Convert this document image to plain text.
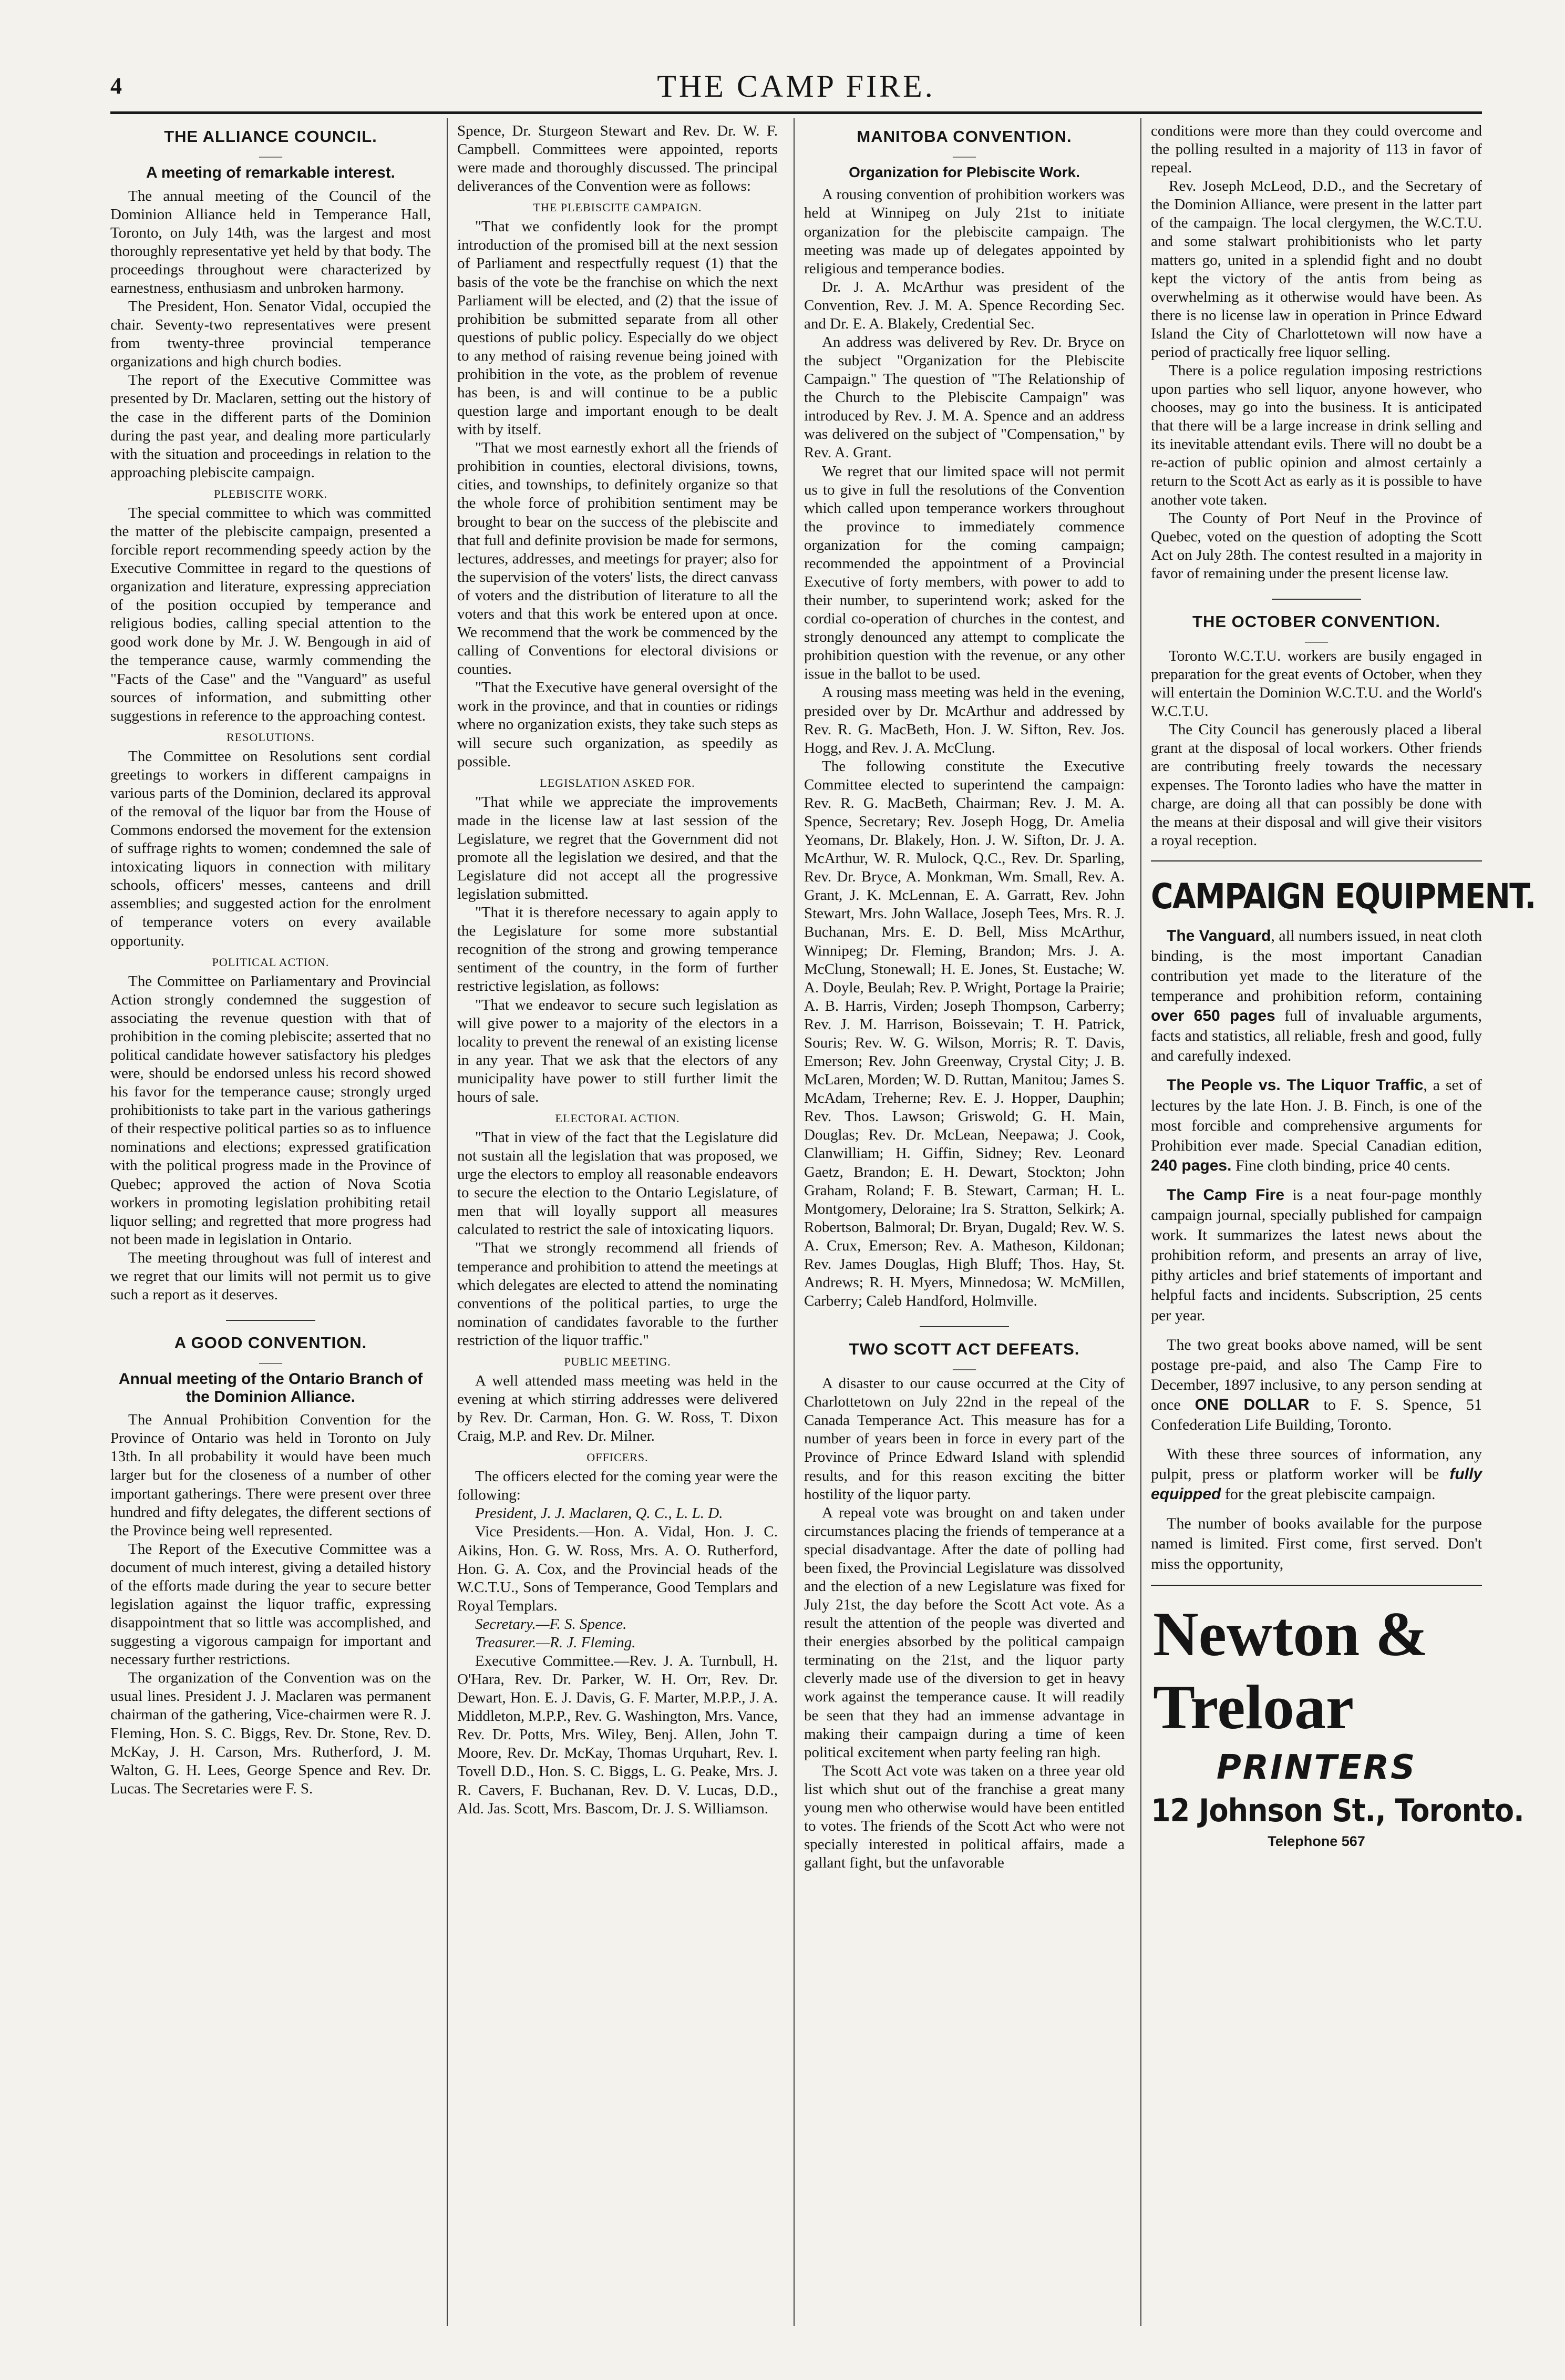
4	THE CAMP FIRE.
THE ALLIANCE COUNCIL.
——
A meeting of remarkable interest.

The annual meeting of the Council of the Dominion Alliance held in Temperance Hall, Toronto, on July 14th, was the largest and most thoroughly representative yet held by that body. The proceedings throughout were characterized by earnestness, enthusiasm and unbroken harmony.

The President, Hon. Senator Vidal, occupied the chair. Seventy-two representatives were present from twenty-three provincial temperance organizations and high church bodies.

The report of the Executive Committee was presented by Dr. Maclaren, setting out the history of the case in the different parts of the Dominion during the past year, and dealing more particularly with the situation and proceedings in relation to the approaching plebiscite campaign.

PLEBISCITE WORK.

The special committee to which was committed the matter of the plebiscite campaign, presented a forcible report recommending speedy action by the Executive Committee in regard to the questions of organization and literature, expressing appreciation of the position occupied by temperance and religious bodies, calling special attention to the good work done by Mr. J. W. Bengough in aid of the temperance cause, warmly commending the "Facts of the Case" and the "Vanguard" as useful sources of information, and submitting other suggestions in reference to the approaching contest.

RESOLUTIONS.

The Committee on Resolutions sent cordial greetings to workers in different campaigns in various parts of the Dominion, declared its approval of the removal of the liquor bar from the House of Commons endorsed the movement for the extension of suffrage rights to women; condemned the sale of intoxicating liquors in connection with military schools, officers' messes, canteens and drill assemblies; and suggested action for the enrolment of temperance voters on every available opportunity.

POLITICAL ACTION.

The Committee on Parliamentary and Provincial Action strongly condemned the suggestion of associating the revenue question with that of prohibition in the coming plebiscite; asserted that no political candidate however satisfactory his pledges were, should be endorsed unless his record showed his favor for the temperance cause; strongly urged prohibitionists to take part in the various gatherings of their respective political parties so as to influence nominations and elections; expressed gratification with the political progress made in the Province of Quebec; approved the action of Nova Scotia workers in promoting legislation prohibiting retail liquor selling; and regretted that more progress had not been made in legislation in Ontario.

The meeting throughout was full of interest and we regret that our limits will not permit us to give such a report as it deserves.

A GOOD CONVENTION.
——
Annual meeting of the Ontario Branch of the Dominion Alliance.

The Annual Prohibition Convention for the Province of Ontario was held in Toronto on July 13th. In all probability it would have been much larger but for the closeness of a number of other important gatherings. There were present over three hundred and fifty delegates, the different sections of the Province being well represented.

The Report of the Executive Committee was a document of much interest, giving a detailed history of the efforts made during the year to secure better legislation against the liquor traffic, expressing disappointment that so little was accomplished, and suggesting a vigorous campaign for important and necessary further restrictions.

The organization of the Convention was on the usual lines. President J. J. Maclaren was permanent chairman of the gathering, Vice-chairmen were R. J. Fleming, Hon. S. C. Biggs, Rev. Dr. Stone, Rev. D. McKay, J. H. Carson, Mrs. Rutherford, J. M. Walton, G. H. Lees, George Spence and Rev. Dr. Lucas. The Secretaries were F. S.

Spence, Dr. Sturgeon Stewart and Rev. Dr. W. F. Campbell. Committees were appointed, reports were made and thoroughly discussed. The principal deliverances of the Convention were as follows:

THE PLEBISCITE CAMPAIGN.

"That we confidently look for the prompt introduction of the promised bill at the next session of Parliament and respectfully request (1) that the basis of the vote be the franchise on which the next Parliament will be elected, and (2) that the issue of prohibition be submitted separate from all other questions of public policy. Especially do we object to any method of raising revenue being joined with prohibition in the vote, as the problem of revenue has been, is and will continue to be a public question large and important enough to be dealt with by itself.

"That we most earnestly exhort all the friends of prohibition in counties, electoral divisions, towns, cities, and townships, to definitely organize so that the whole force of prohibition sentiment may be brought to bear on the success of the plebiscite and that full and definite provision be made for sermons, lectures, addresses, and meetings for prayer; also for the supervision of the voters' lists, the direct canvass of voters and the distribution of literature to all the voters and that this work be entered upon at once. We recommend that the work be commenced by the calling of Conventions for electoral divisions or counties.

"That the Executive have general oversight of the work in the province, and that in counties or ridings where no organization exists, they take such steps as will secure such organization, as speedily as possible.

LEGISLATION ASKED FOR.

"That while we appreciate the improvements made in the license law at last session of the Legislature, we regret that the Government did not promote all the legislation we desired, and that the Legislature did not accept all the progressive legislation submitted.

"That it is therefore necessary to again apply to the Legislature for some more substantial recognition of the strong and growing temperance sentiment of the country, in the form of further restrictive legislation, as follows:

"That we endeavor to secure such legislation as will give power to a majority of the electors in a locality to prevent the renewal of an existing license in any year. That we ask that the electors of any municipality have power to still further limit the hours of sale.

ELECTORAL ACTION.

"That in view of the fact that the Legislature did not sustain all the legislation that was proposed, we urge the electors to employ all reasonable endeavors to secure the election to the Ontario Legislature, of men that will loyally support all measures calculated to restrict the sale of intoxicating liquors.

"That we strongly recommend all friends of temperance and prohibition to attend the meetings at which delegates are elected to attend the nominating conventions of the political parties, to urge the nomination of candidates favorable to the further restriction of the liquor traffic."

PUBLIC MEETING.

A well attended mass meeting was held in the evening at which stirring addresses were delivered by Rev. Dr. Carman, Hon. G. W. Ross, T. Dixon Craig, M.P. and Rev. Dr. Milner.

OFFICERS.

The officers elected for the coming year were the following:

President, J. J. Maclaren, Q. C., L. L. D.

Vice Presidents.—Hon. A. Vidal, Hon. J. C. Aikins, Hon. G. W. Ross, Mrs. A. O. Rutherford, Hon. G. A. Cox, and the Provincial heads of the W.C.T.U., Sons of Temperance, Good Templars and Royal Templars.

Secretary.—F. S. Spence.

Treasurer.—R. J. Fleming.

Executive Committee.—Rev. J. A. Turnbull, H. O'Hara, Rev. Dr. Parker, W. H. Orr, Rev. Dr. Dewart, Hon. E. J. Davis, G. F. Marter, M.P.P., J. A. Middleton, M.P.P., Rev. G. Washington, Mrs. Vance, Rev. Dr. Potts, Mrs. Wiley, Benj. Allen, John T. Moore, Rev. Dr. McKay, Thomas Urquhart, Rev. I. Tovell D.D., Hon. S. C. Biggs, L. G. Peake, Mrs. J. R. Cavers, F. Buchanan, Rev. D. V. Lucas, D.D., Ald. Jas. Scott, Mrs. Bascom, Dr. J. S. Williamson.

MANITOBA CONVENTION.
——
Organization for Plebiscite Work.

A rousing convention of prohibition workers was held at Winnipeg on July 21st to initiate organization for the plebiscite campaign. The meeting was made up of delegates appointed by religious and temperance bodies.

Dr. J. A. McArthur was president of the Convention, Rev. J. M. A. Spence Recording Sec. and Dr. E. A. Blakely, Credential Sec.

An address was delivered by Rev. Dr. Bryce on the subject "Organization for the Plebiscite Campaign." The question of "The Relationship of the Church to the Plebiscite Campaign" was introduced by Rev. J. M. A. Spence and an address was delivered on the subject of "Compensation," by Rev. A. Grant.

We regret that our limited space will not permit us to give in full the resolutions of the Convention which called upon temperance workers throughout the province to immediately commence organization for the coming campaign; recommended the appointment of a Provincial Executive of forty members, with power to add to their number, to superintend work; asked for the cordial co-operation of churches in the contest, and strongly denounced any attempt to complicate the prohibition question with the revenue, or any other issue in the ballot to be used.

A rousing mass meeting was held in the evening, presided over by Dr. McArthur and addressed by Rev. R. G. MacBeth, Hon. J. W. Sifton, Rev. Jos. Hogg, and Rev. J. A. McClung.

The following constitute the Executive Committee elected to superintend the campaign: Rev. R. G. MacBeth, Chairman; Rev. J. M. A. Spence, Secretary; Rev. Joseph Hogg, Dr. Amelia Yeomans, Dr. Blakely, Hon. J. W. Sifton, Dr. J. A. McArthur, W. R. Mulock, Q.C., Rev. Dr. Sparling, Rev. Dr. Bryce, A. Monkman, Wm. Small, Rev. A. Grant, J. K. McLennan, E. A. Garratt, Rev. John Stewart, Mrs. John Wallace, Joseph Tees, Mrs. R. J. Buchanan, Mrs. E. D. Bell, Miss McArthur, Winnipeg; Dr. Fleming, Brandon; Mrs. J. A. McClung, Stonewall; H. E. Jones, St. Eustache; W. A. Doyle, Beulah; Rev. P. Wright, Portage la Prairie; A. B. Harris, Virden; Joseph Thompson, Carberry; Rev. J. M. Harrison, Boissevain; T. H. Patrick, Souris; Rev. W. G. Wilson, Morris; R. T. Davis, Emerson; Rev. John Greenway, Crystal City; J. B. McLaren, Morden; W. D. Ruttan, Manitou; James S. McAdam, Treherne; Rev. E. J. Hopper, Dauphin; Rev. Thos. Lawson; Griswold; G. H. Main, Douglas; Rev. Dr. McLean, Neepawa; J. Cook, Clanwilliam; H. Giffin, Sidney; Rev. Leonard Gaetz, Brandon; E. H. Dewart, Stockton; John Graham, Roland; F. B. Stewart, Carman; H. L. Montgomery, Deloraine; Ira S. Stratton, Selkirk; A. Robertson, Balmoral; Dr. Bryan, Dugald; Rev. W. S. A. Crux, Emerson; Rev. A. Matheson, Kildonan; Rev. James Douglas, High Bluff; Thos. Hay, St. Andrews; R. H. Myers, Minnedosa; W. McMillen, Carberry; Caleb Handford, Holmville.

TWO SCOTT ACT DEFEATS.
——

A disaster to our cause occurred at the City of Charlottetown on July 22nd in the repeal of the Canada Temperance Act. This measure has for a number of years been in force in every part of the Province of Prince Edward Island with splendid results, and for this reason exciting the bitter hostility of the liquor party.

A repeal vote was brought on and taken under circumstances placing the friends of temperance at a special disadvantage. After the date of polling had been fixed, the Provincial Legislature was dissolved and the election of a new Legislature was fixed for July 21st, the day before the Scott Act vote. As a result the attention of the people was diverted and their energies absorbed by the political campaign terminating on the 21st, and the liquor party cleverly made use of the diversion to get in heavy work against the temperance cause. It will readily be seen that they had an immense advantage in making their campaign during a time of keen political excitement when party feeling ran high.

The Scott Act vote was taken on a three year old list which shut out of the franchise a great many young men who otherwise would have been entitled to votes. The friends of the Scott Act who were not specially interested in political affairs, made a gallant fight, but the unfavorable

conditions were more than they could overcome and the polling resulted in a majority of 113 in favor of repeal.

Rev. Joseph McLeod, D.D., and the Secretary of the Dominion Alliance, were present in the latter part of the campaign. The local clergymen, the W.C.T.U. and some stalwart prohibitionists who let party matters go, united in a splendid fight and no doubt kept the victory of the antis from being as overwhelming as it otherwise would have been. As there is no license law in operation in Prince Edward Island the City of Charlottetown will now have a period of practically free liquor selling.

There is a police regulation imposing restrictions upon parties who sell liquor, anyone however, who chooses, may go into the business. It is anticipated that there will be a large increase in drink selling and its inevitable attendant evils. There will no doubt be a re-action of public opinion and almost certainly a return to the Scott Act as early as it is possible to have another vote taken.

The County of Port Neuf in the Province of Quebec, voted on the question of adopting the Scott Act on July 28th. The contest resulted in a majority in favor of remaining under the present license law.

THE OCTOBER CONVENTION.
——

Toronto W.C.T.U. workers are busily engaged in preparation for the great events of October, when they will entertain the Dominion W.C.T.U. and the World's W.C.T.U.

The City Council has generously placed a liberal grant at the disposal of local workers. Other friends are contributing freely towards the necessary expenses. The Toronto ladies who have the matter in charge, are doing all that can possibly be done with the means at their disposal and will give their visitors a royal reception.

CAMPAIGN EQUIPMENT.

The Vanguard, all numbers issued, in neat cloth binding, is the most important Canadian contribution yet made to the literature of the temperance and prohibition reform, containing over 650 pages full of invaluable arguments, facts and statistics, all reliable, fresh and good, fully and carefully indexed.

The People vs. The Liquor Traffic, a set of lectures by the late Hon. J. B. Finch, is one of the most forcible and comprehensive arguments for Prohibition ever made. Special Canadian edition, 240 pages. Fine cloth binding, price 40 cents.

The Camp Fire is a neat four-page monthly campaign journal, specially published for campaign work. It summarizes the latest news about the prohibition reform, and presents an array of live, pithy articles and brief statements of important and helpful facts and incidents. Subscription, 25 cents per year.

The two great books above named, will be sent postage pre-paid, and also The Camp Fire to December, 1897 inclusive, to any person sending at once ONE DOLLAR to F. S. Spence, 51 Confederation Life Building, Toronto.

With these three sources of information, any pulpit, press or platform worker will be fully equipped for the great plebiscite campaign.

The number of books available for the purpose named is limited. First come, first served. Don't miss the opportunity,

Newton &
Treloar
PRINTERS
12 Johnson St., Toronto.
Telephone 567
